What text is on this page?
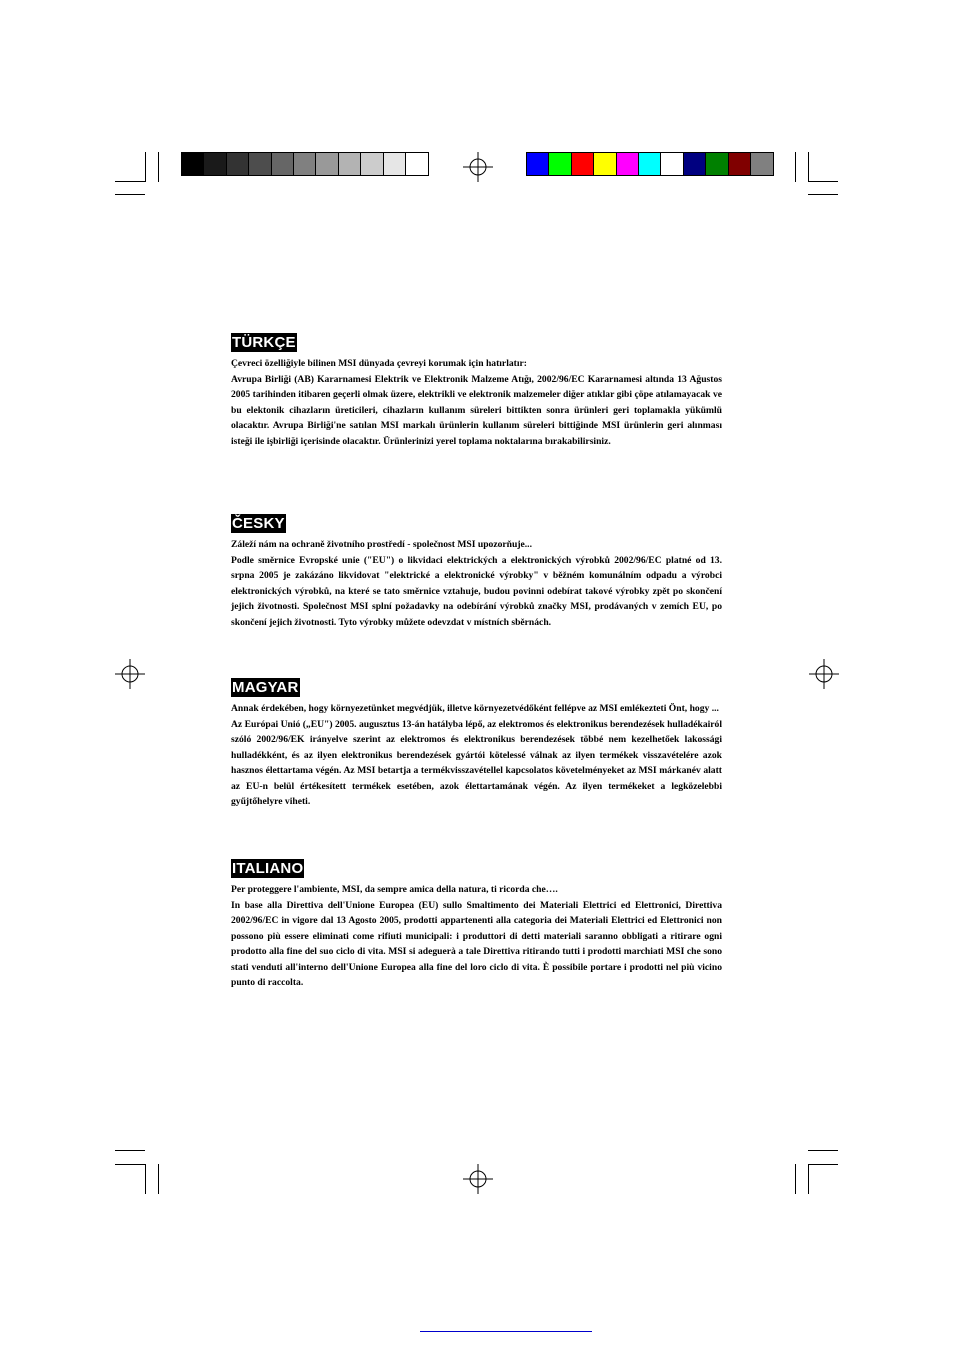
TÜRKÇE

Çevreci özelliğiyle bilinen MSI dünyada çevreyi korumak için hatırlatır:

Avrupa Birliği (AB) Kararnamesi Elektrik ve Elektronik Malzeme Atığı, 2002/96/EC Kararnamesi altında 13 Ağustos 2005 tarihinden itibaren geçerli olmak üzere, elektrikli ve elektronik malzemeler diğer atıklar gibi çöpe atılamayacak ve bu elektonik cihazların üreticileri, cihazların kullanım süreleri bittikten sonra ürünleri geri toplamakla yükümlü olacaktır. Avrupa Birliği'ne satılan MSI markalı ürünlerin kullanım süreleri bittiğinde MSI ürünlerin geri alınması isteği ile işbirliği içerisinde olacaktır. Ürünlerinizi yerel toplama noktalarına bırakabilirsiniz.

ČESKY

Záleží nám na ochraně životního prostředí - společnost MSI upozorňuje...

Podle směrnice Evropské unie ("EU") o likvidaci elektrických a elektronických výrobků 2002/96/EC platné od 13. srpna 2005 je zakázáno likvidovat "elektrické a elektronické výrobky" v běžném komunálním odpadu a výrobci elektronických výrobků, na které se tato směrnice vztahuje, budou povinni odebírat takové výrobky zpět po skončení jejich životnosti. Společnost MSI splní požadavky na odebírání výrobků značky MSI, prodávaných v zemích EU, po skončení jejich životnosti. Tyto výrobky můžete odevzdat v místních sběrnách.

MAGYAR

Annak érdekében, hogy környezetünket megvédjük, illetve környezetvédőként fellépve az MSI emlékezteti Önt, hogy ...

Az Európai Unió („EU") 2005. augusztus 13-án hatályba lépő, az elektromos és elektronikus berendezések hulladékairól szóló 2002/96/EK irányelve szerint az elektromos és elektronikus berendezések többé nem kezelhetőek lakossági hulladékként, és az ilyen elektronikus berendezések gyártói kötelessé válnak az ilyen termékek visszavételére azok hasznos élettartama végén. Az MSI betartja a termékvisszavétellel kapcsolatos követelményeket az MSI márkanév alatt az EU-n belül értékesített termékek esetében, azok élettartamának végén. Az ilyen termékeket a legközelebbi gyűjtőhelyre viheti.

ITALIANO

Per proteggere l'ambiente, MSI, da sempre amica della natura, ti ricorda che….

In base alla Direttiva dell'Unione Europea (EU) sullo Smaltimento dei Materiali Elettrici ed Elettronici, Direttiva 2002/96/EC in vigore dal 13 Agosto 2005, prodotti appartenenti alla categoria dei Materiali Elettrici ed Elettronici non possono più essere eliminati come rifiuti municipali: i produttori di detti materiali saranno obbligati a ritirare ogni prodotto alla fine del suo ciclo di vita. MSI si adeguerà a tale Direttiva ritirando tutti i prodotti marchiati MSI che sono stati venduti all'interno dell'Unione Europea alla fine del loro ciclo di vita. È possibile portare i prodotti nel più vicino punto di raccolta.
